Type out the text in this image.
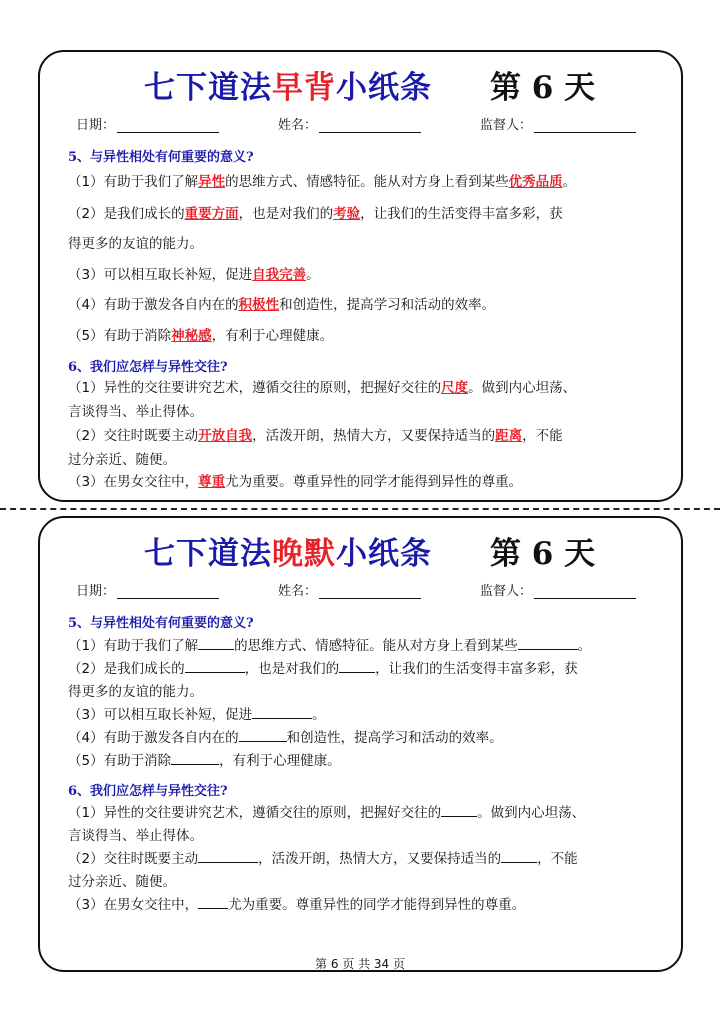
七下道法早背小纸条 第 6 天
日期：	姓名：	监督人：
5、与异性相处有何重要的意义?
（1）有助于我们了解异性的思维方式、情感特征。能从对方身上看到某些优秀品质。
（2）是我们成长的重要方面，也是对我们的考验，让我们的生活变得丰富多彩，获
得更多的友谊的能力。
（3）可以相互取长补短，促进自我完善。
（4）有助于激发各自内在的积极性和创造性，提高学习和活动的效率。
（5）有助于消除神秘感，有利于心理健康。
6、我们应怎样与异性交往?
（1）异性的交往要讲究艺术，遵循交往的原则，把握好交往的尺度。做到内心坦荡、
言谈得当、举止得体。
（2）交往时既要主动开放自我，活泼开朗，热情大方，又要保持适当的距离，不能
过分亲近、随便。
（3）在男女交往中，尊重尤为重要。尊重异性的同学才能得到异性的尊重。
七下道法晚默小纸条 第 6 天
日期：	姓名：	监督人：
5、与异性相处有何重要的意义?
（1）有助于我们了解	的思维方式、情感特征。能从对方身上看到某些	。
（2）是我们成长的	，也是对我们的	，让我们的生活变得丰富多彩，获
得更多的友谊的能力。
（3）可以相互取长补短，促进	。
（4）有助于激发各自内在的	和创造性，提高学习和活动的效率。
（5）有助于消除	，有利于心理健康。
6、我们应怎样与异性交往?
（1）异性的交往要讲究艺术，遵循交往的原则，把握好交往的	。做到内心坦荡、
言谈得当、举止得体。
（2）交往时既要主动	，活泼开朗，热情大方，又要保持适当的	，不能
过分亲近、随便。
（3）在男女交往中， 尤为重要。尊重异性的同学才能得到异性的尊重。
第 6 页 共 34 页
